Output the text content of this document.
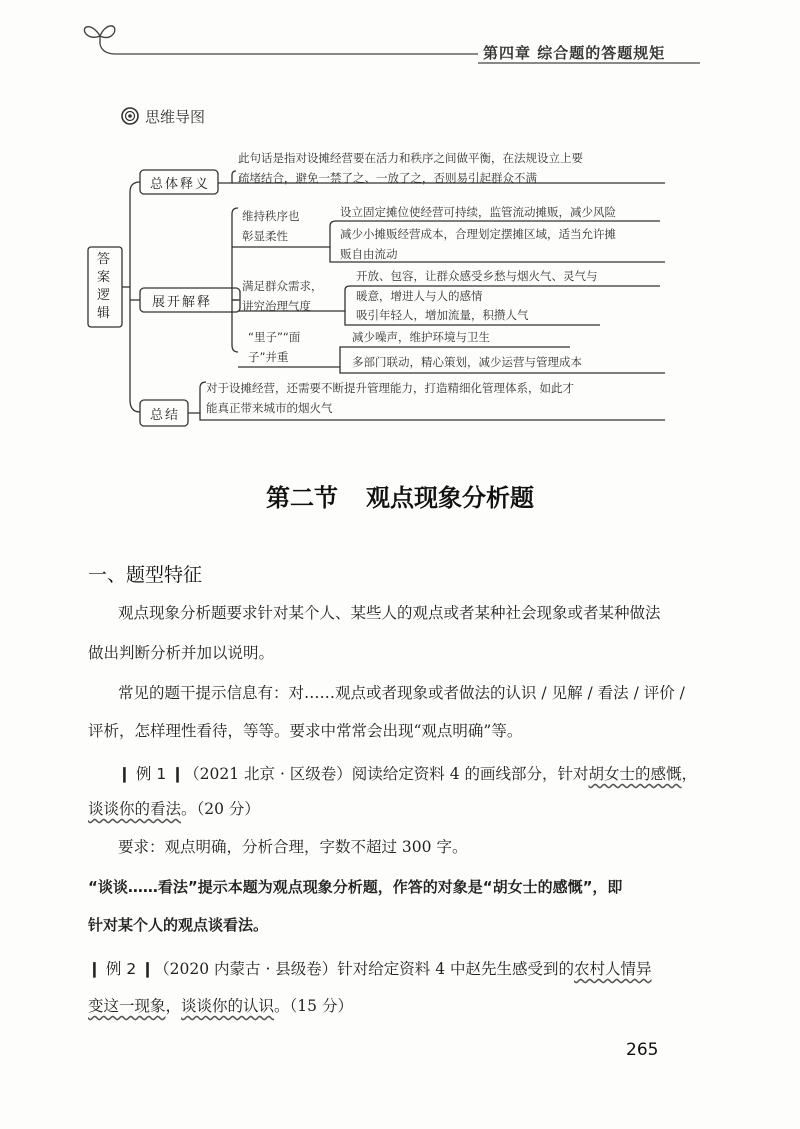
第四章 综合题的答题规矩
思维导图
答案逻辑
总体释义
此句话是指对设摊经营要在活力和秩序之间做平衡，在法规设立上要
疏堵结合，避免一禁了之、一放了之，否则易引起群众不满
展开解释
维持秩序也
彰显柔性
设立固定摊位使经营可持续，监管流动摊贩，减少风险
减少小摊贩经营成本，合理划定摆摊区域，适当允许摊
贩自由流动
满足群众需求，
讲究治理气度
开放、包容，让群众感受乡愁与烟火气、灵气与
暖意，增进人与人的感情
吸引年轻人，增加流量，积攒人气
“里子”“面
子”并重
减少噪声，维护环境与卫生
多部门联动，精心策划，减少运营与管理成本
总结
对于设摊经营，还需要不断提升管理能力，打造精细化管理体系，如此才
能真正带来城市的烟火气
第二节 观点现象分析题
一、题型特征
观点现象分析题要求针对某个人、某些人的观点或者某种社会现象或者某种做法
做出判断分析并加以说明。
常见的题干提示信息有：对……观点或者现象或者做法的认识 / 见解 / 看法 / 评价 /
评析，怎样理性看待，等等。要求中常常会出现“观点明确”等。
❙ 例 1 ❙（2021 北京 · 区级卷）阅读给定资料 4 的画线部分，针对胡女士的感慨，
谈谈你的看法。（20 分）
要求：观点明确，分析合理，字数不超过 300 字。
“谈谈……看法”提示本题为观点现象分析题，作答的对象是“胡女士的感慨”，即
针对某个人的观点谈看法。
❙ 例 2 ❙（2020 内蒙古 · 县级卷）针对给定资料 4 中赵先生感受到的农村人情异
变这一现象，谈谈你的认识。（15 分）
265
